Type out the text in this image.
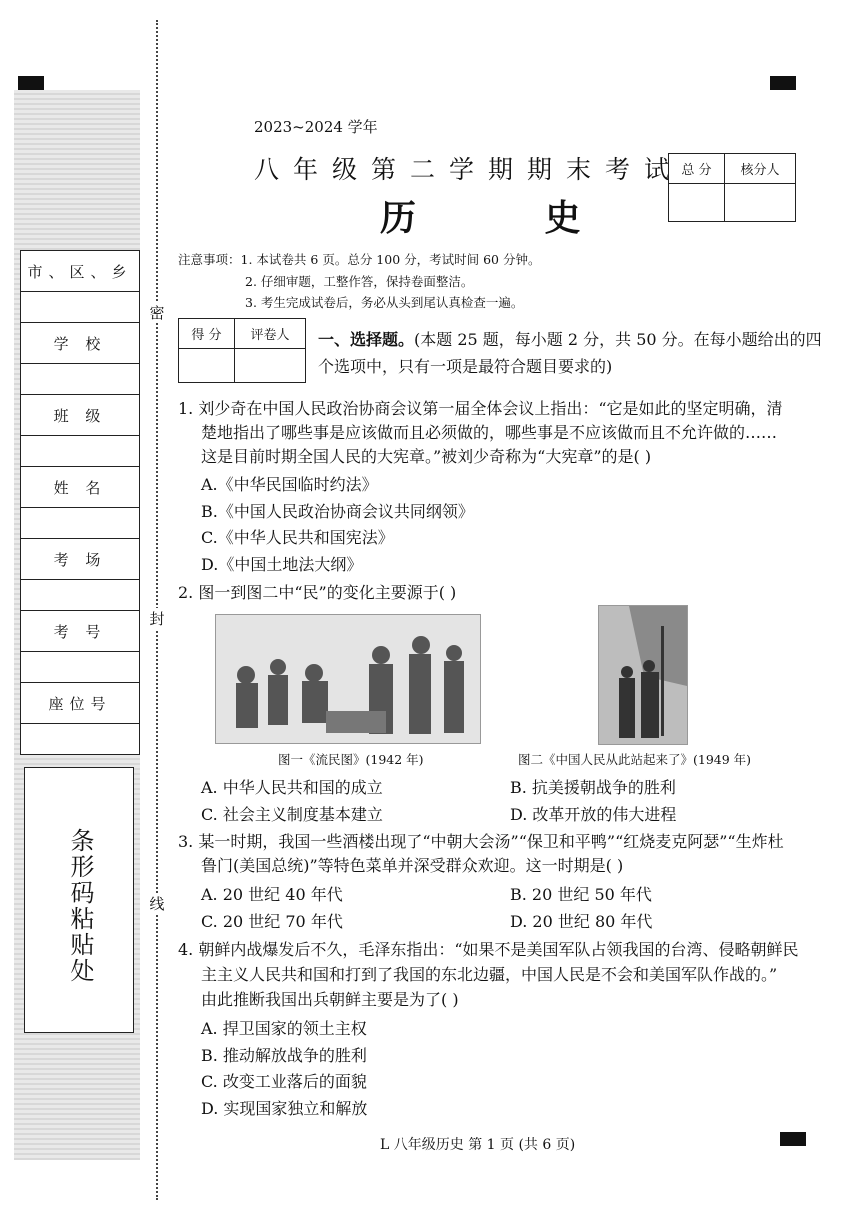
密
封
线
市、区、乡
学 校
班 级
姓 名
考 场
考 号
座位号
条形码粘贴处
2023~2024 学年
八年级第二学期期末考试
历 史
总 分	核分人

注意事项：1. 本试卷共 6 页。总分 100 分，考试时间 60 分钟。
2. 仔细审题，工整作答，保持卷面整洁。
3. 考生完成试卷后，务必从头到尾认真检查一遍。
得 分	评卷人
	一、选择题。(本题 25 题，每小题 2 分，共 50 分。在每小题给出的四
个选项中，只有一项是最符合题目要求的)
1. 刘少奇在中国人民政治协商会议第一届全体会议上指出：“它是如此的坚定明确，清
楚地指出了哪些事是应该做而且必须做的，哪些事是不应该做而且不允许做的……
这是目前时期全国人民的大宪章。”被刘少奇称为“大宪章”的是( )
A.《中华民国临时约法》
B.《中国人民政治协商会议共同纲领》
C.《中华人民共和国宪法》
D.《中国土地法大纲》
2. 图一到图二中“民”的变化主要源于( )
图一《流民图》(1942 年)	图二《中国人民从此站起来了》(1949 年)
A. 中华人民共和国的成立	B. 抗美援朝战争的胜利
C. 社会主义制度基本建立	D. 改革开放的伟大进程
3. 某一时期，我国一些酒楼出现了“中朝大会汤”“保卫和平鸭”“红烧麦克阿瑟”“生炸杜
鲁门(美国总统)”等特色菜单并深受群众欢迎。这一时期是( )
A. 20 世纪 40 年代	B. 20 世纪 50 年代
C. 20 世纪 70 年代	D. 20 世纪 80 年代
4. 朝鲜内战爆发后不久，毛泽东指出：“如果不是美国军队占领我国的台湾、侵略朝鲜民
主主义人民共和国和打到了我国的东北边疆，中国人民是不会和美国军队作战的。”
由此推断我国出兵朝鲜主要是为了( )
A. 捍卫国家的领土主权
B. 推动解放战争的胜利
C. 改变工业落后的面貌
D. 实现国家独立和解放
L 八年级历史 第 1 页 (共 6 页)
